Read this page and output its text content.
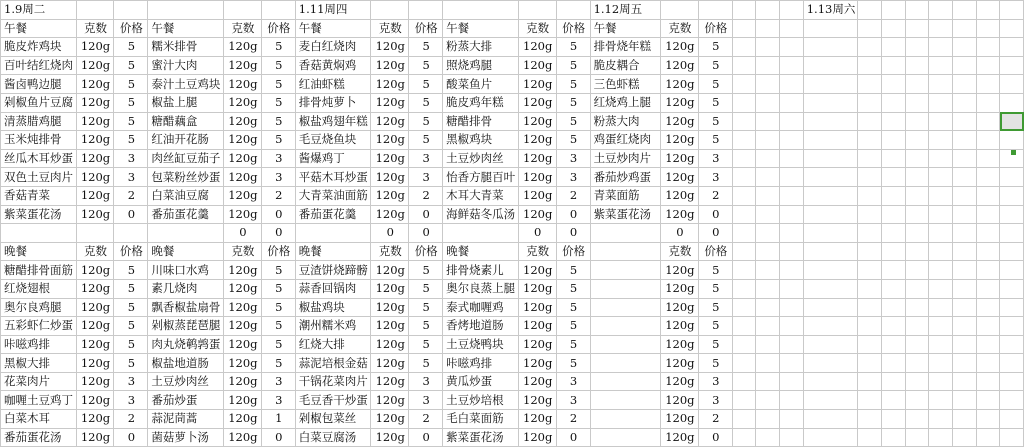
1.9周二						1.11周四						1.12周五						1.13周六							
午餐	克数	价格	午餐	克数	价格	午餐	克数	价格	午餐	克数	价格	午餐	克数	价格											
脆皮炸鸡块	120g	5	糯米排骨	120g	5	麦白红烧肉	120g	5	粉蒸大排	120g	5	排骨烧年糕	120g	5											
百叶结红烧肉	120g	5	蜜汁大肉	120g	5	香菇黄焖鸡	120g	5	照烧鸡腿	120g	5	脆皮耦合	120g	5											
酱卤鸭边腿	120g	5	泰汁土豆鸡块	120g	5	红油虾糕	120g	5	酸菜鱼片	120g	5	三色虾糕	120g	5											
剁椒鱼片豆腐	120g	5	椒盐上腿	120g	5	排骨炖萝卜	120g	5	脆皮鸡年糕	120g	5	红烧鸡上腿	120g	5											
清蒸腊鸡腿	120g	5	糖醋藕盒	120g	5	椒盐鸡翅年糕	120g	5	糖醋排骨	120g	5	粉蒸大肉	120g	5											
玉米炖排骨	120g	5	红油开花肠	120g	5	毛豆烧鱼块	120g	5	黑椒鸡块	120g	5	鸡蛋红烧肉	120g	5											
丝瓜木耳炒蛋	120g	3	肉丝缸豆茄子	120g	3	酱爆鸡丁	120g	3	土豆炒肉丝	120g	3	土豆炒肉片	120g	3											
双色土豆肉片	120g	3	包菜粉丝炒蛋	120g	3	平菇木耳炒蛋	120g	3	怡香方腿百叶	120g	3	番茄炒鸡蛋	120g	3											
香菇青菜	120g	2	白菜油豆腐	120g	2	大青菜油面筋	120g	2	木耳大青菜	120g	2	青菜面筋	120g	2											
紫菜蛋花汤	120g	0	番茄蛋花羹	120g	0	番茄蛋花羹	120g	0	海鲜菇冬瓜汤	120g	0	紫菜蛋花汤	120g	0											
				0	0		0	0		0	0		0	0											
晚餐	克数	价格	晚餐	克数	价格	晚餐	克数	价格	晚餐	克数	价格		克数	价格											
糖醋排骨面筋	120g	5	川味口水鸡	120g	5	豆渣饼烧蹄髈	120g	5	排骨烧素儿	120g	5		120g	5											
红烧翅根	120g	5	素几烧肉	120g	5	蒜香回锅肉	120g	5	奥尔良蒸上腿	120g	5		120g	5											
奥尔良鸡腿	120g	5	飘香椒盐扇骨	120g	5	椒盐鸡块	120g	5	泰式咖喱鸡	120g	5		120g	5											
五彩虾仁炒蛋	120g	5	剁椒蒸琵琶腿	120g	5	潮州糯米鸡	120g	5	香烤地道肠	120g	5		120g	5											
咔嗞鸡排	120g	5	肉丸烧鹌鹑蛋	120g	5	红烧大排	120g	5	土豆烧鸭块	120g	5		120g	5											
黑椒大排	120g	5	椒盐地道肠	120g	5	蒜泥培根金菇	120g	5	咔嗞鸡排	120g	5		120g	5											
花菜肉片	120g	3	土豆炒肉丝	120g	3	干锅花菜肉片	120g	3	黄瓜炒蛋	120g	3		120g	3											
咖喱土豆鸡丁	120g	3	番茄炒蛋	120g	3	毛豆香干炒蛋	120g	3	土豆炒培根	120g	3		120g	3											
白菜木耳	120g	2	蒜泥茼蒿	120g	1	剁椒包菜丝	120g	2	毛白菜面筋	120g	2		120g	2											
番茄蛋花汤	120g	0	菌菇萝卜汤	120g	0	白菜豆腐汤	120g	0	紫菜蛋花汤	120g	0		120g	0											
